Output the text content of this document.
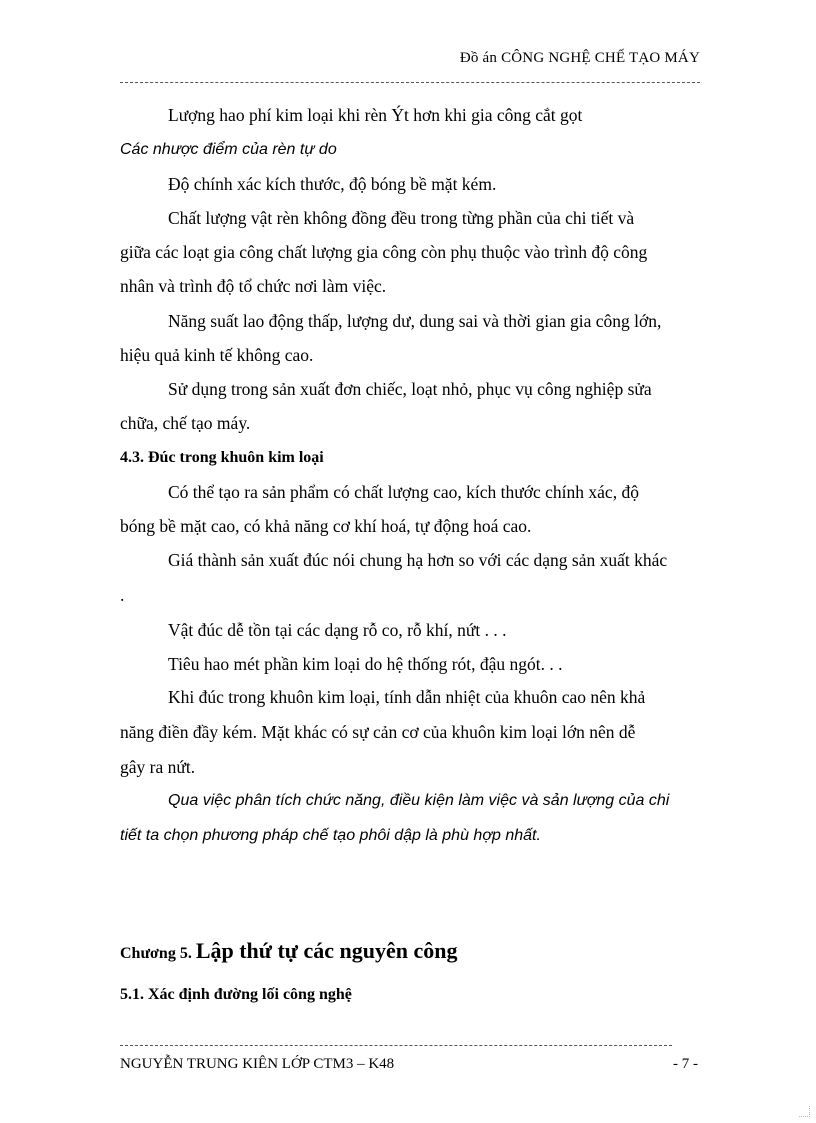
Đồ án CÔNG NGHỆ CHẾ TẠO MÁY
Lượng hao phí kim loại khi rèn Ýt hơn khi gia công cắt gọt
Các nhược điểm của rèn tự do
Độ chính xác kích thước, độ bóng bề mặt kém.
Chất lượng vật rèn không đồng đều trong từng phần của chi tiết và
giữa các loạt gia công chất lượng gia công còn phụ thuộc vào trình độ công
nhân và trình độ tổ chức nơi làm việc.
Năng suất lao động thấp, lượng dư, dung sai và thời gian gia công lớn,
hiệu quả kinh tế không cao.
Sử dụng trong sản xuất đơn chiếc, loạt nhỏ, phục vụ công nghiệp sửa
chữa, chế tạo máy.
4.3. Đúc trong khuôn kim loại
Có thể tạo ra sản phẩm có chất lượng cao, kích thước chính xác, độ
bóng bề mặt cao, có khả năng cơ khí hoá, tự động hoá cao.
Giá thành sản xuất đúc nói chung hạ hơn so với các dạng sản xuất khác
.
Vật đúc dễ tồn tại các dạng rỗ co, rỗ khí, nứt . . .
Tiêu hao mét phần kim loại do hệ thống rót, đậu ngót. . .
Khi đúc trong khuôn kim loại, tính dẫn nhiệt của khuôn cao nên khả
năng điền đầy kém. Mặt khác có sự cản cơ của khuôn kim loại lớn nên dễ
gây ra nứt.
Qua việc phân tích chức năng, điều kiện làm việc và sản lượng của chi
tiết ta chọn phương pháp chế tạo phôi dập là phù hợp nhất.
Chương 5. Lập thứ tự các nguyên công
5.1. Xác định đường lối công nghệ
NGUYỄN TRUNG KIÊN LỚP CTM3 – K48	- 7 -
